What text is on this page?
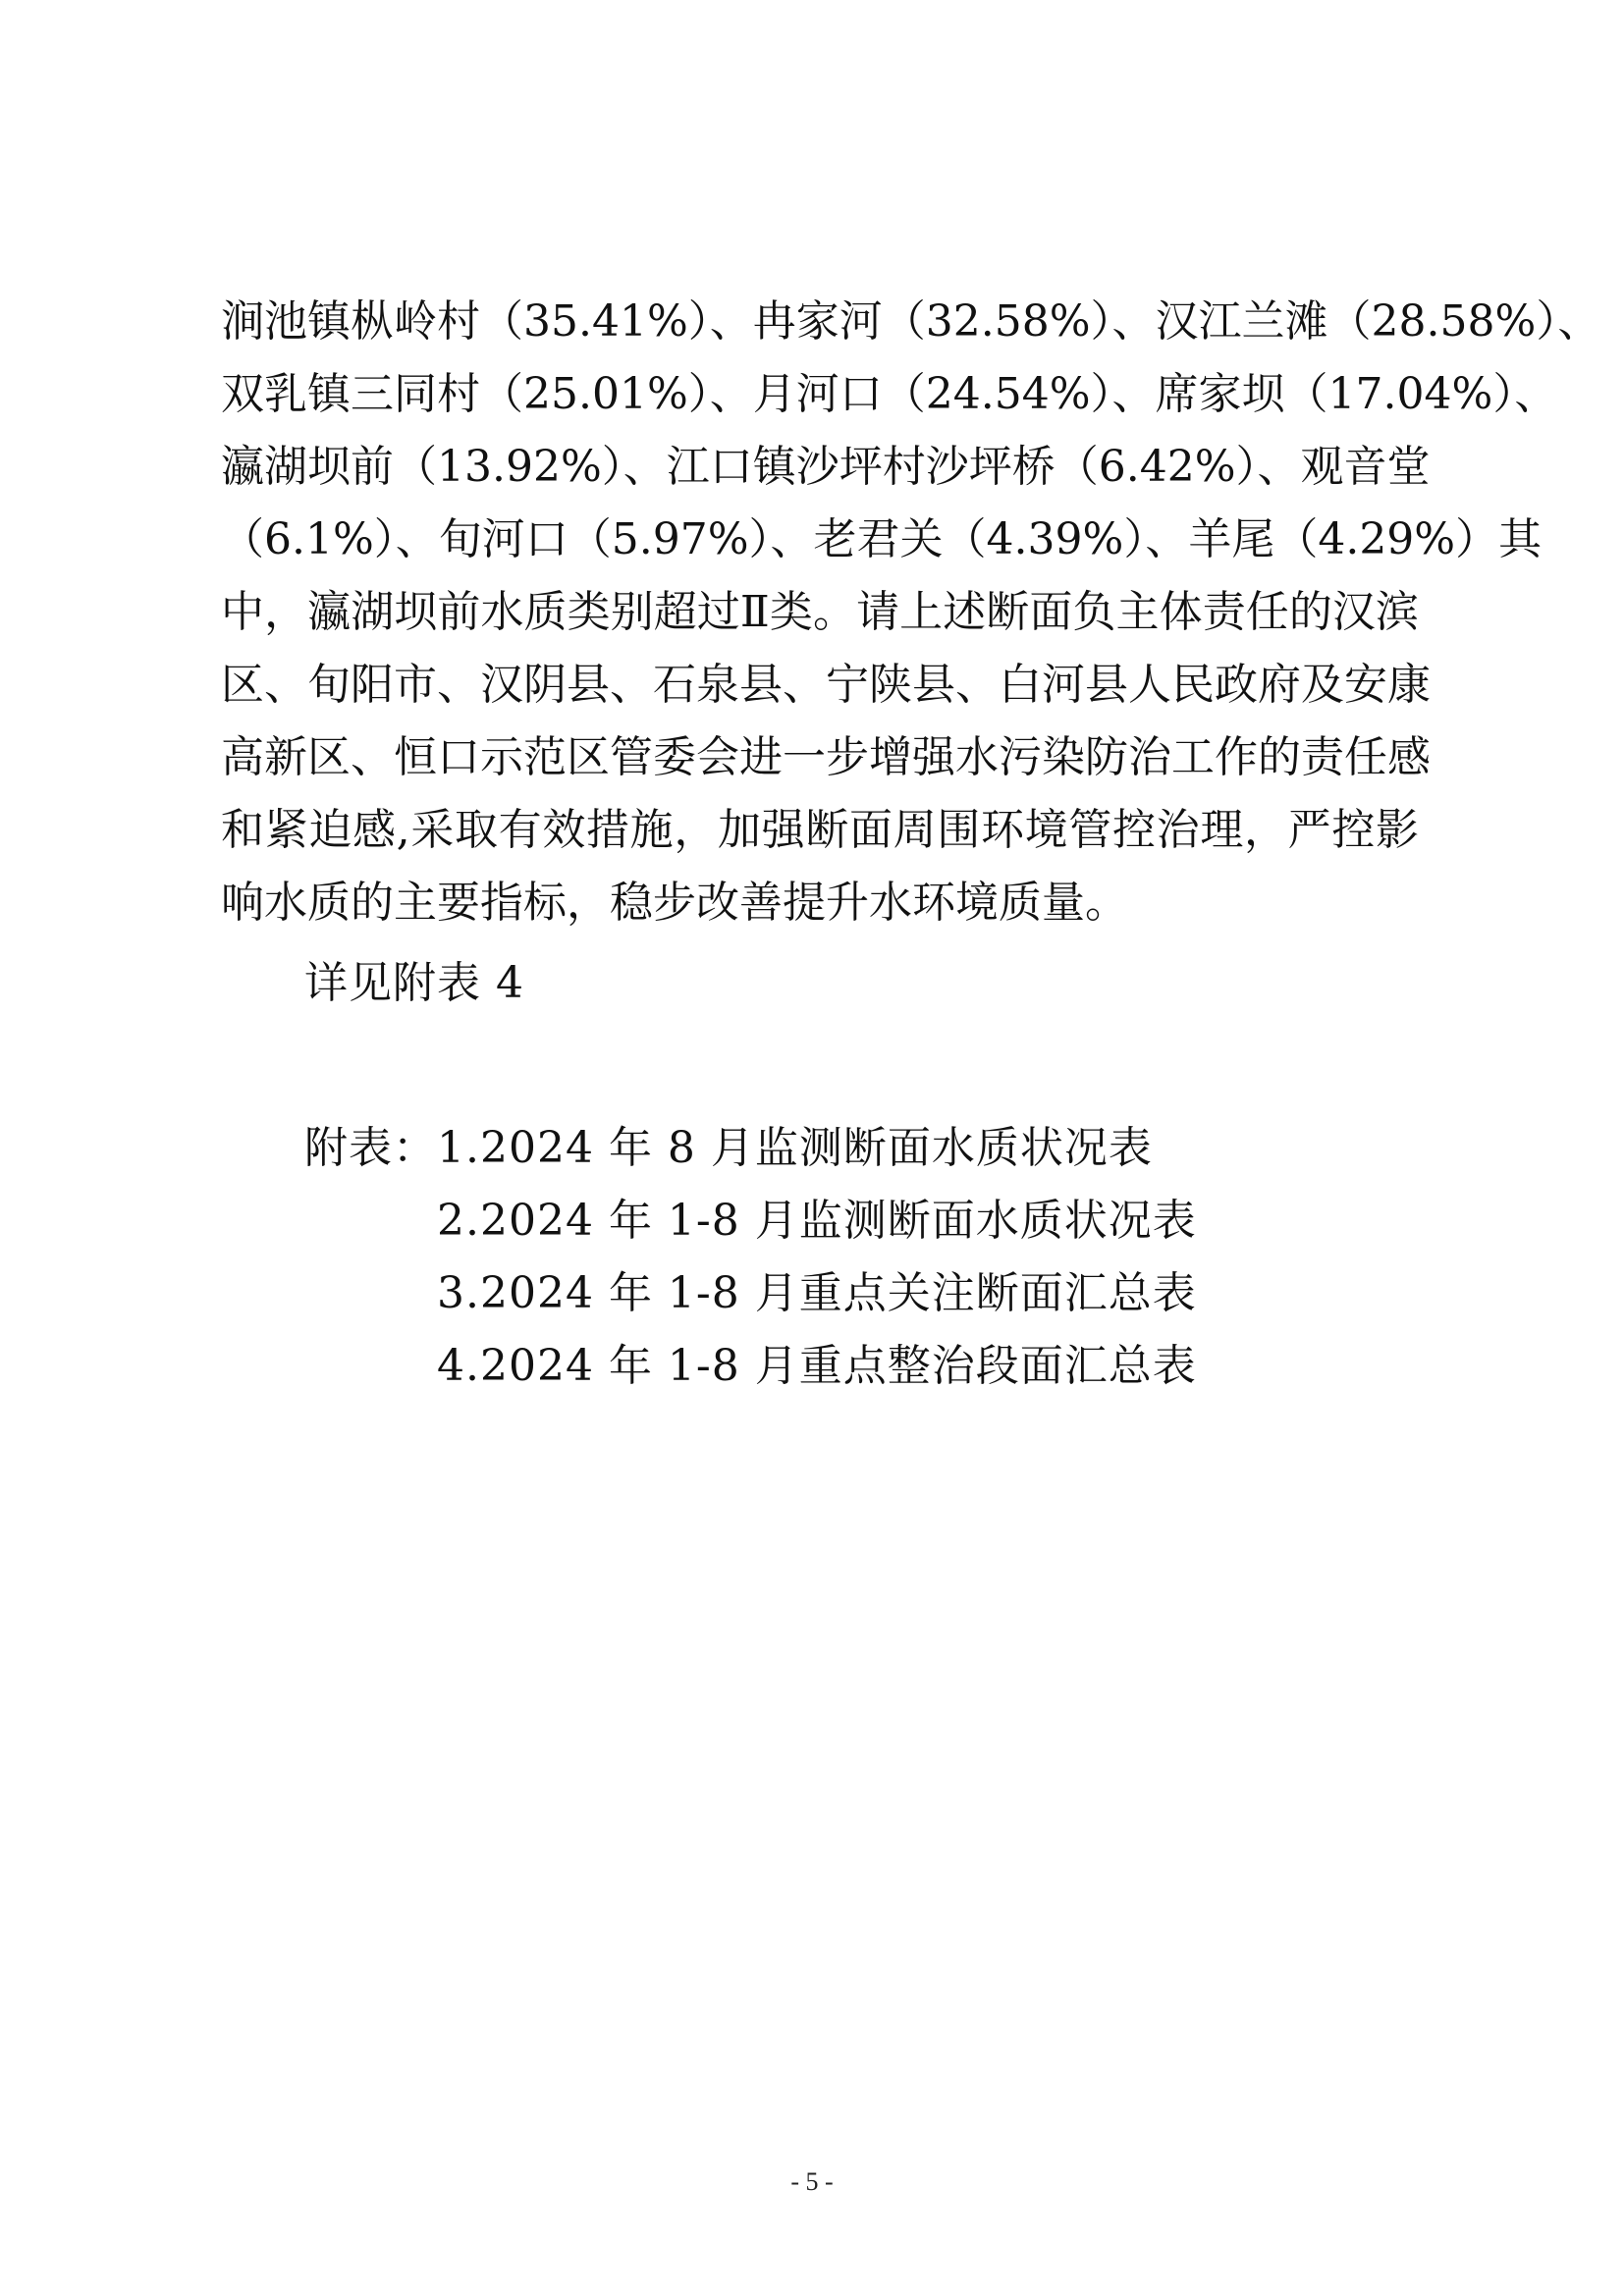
涧池镇枞岭村（35.41%）、冉家河（32.58%）、汉江兰滩（28.58%）、
双乳镇三同村（25.01%）、月河口（24.54%）、席家坝（17.04%）、
瀛湖坝前（13.92%）、江口镇沙坪村沙坪桥（6.42%）、观音堂
（6.1%）、旬河口（5.97%）、老君关（4.39%）、羊尾（4.29%）其
中，瀛湖坝前水质类别超过Ⅱ类。请上述断面负主体责任的汉滨
区、旬阳市、汉阴县、石泉县、宁陕县、白河县人民政府及安康
高新区、恒口示范区管委会进一步增强水污染防治工作的责任感
和紧迫感,采取有效措施，加强断面周围环境管控治理，严控影
响水质的主要指标，稳步改善提升水环境质量。
详见附表 4
附表： 1.2024 年 8 月监测断面水质状况表
2.2024 年 1-8 月监测断面水质状况表
3.2024 年 1-8 月重点关注断面汇总表
4.2024 年 1-8 月重点整治段面汇总表
- 5 -
